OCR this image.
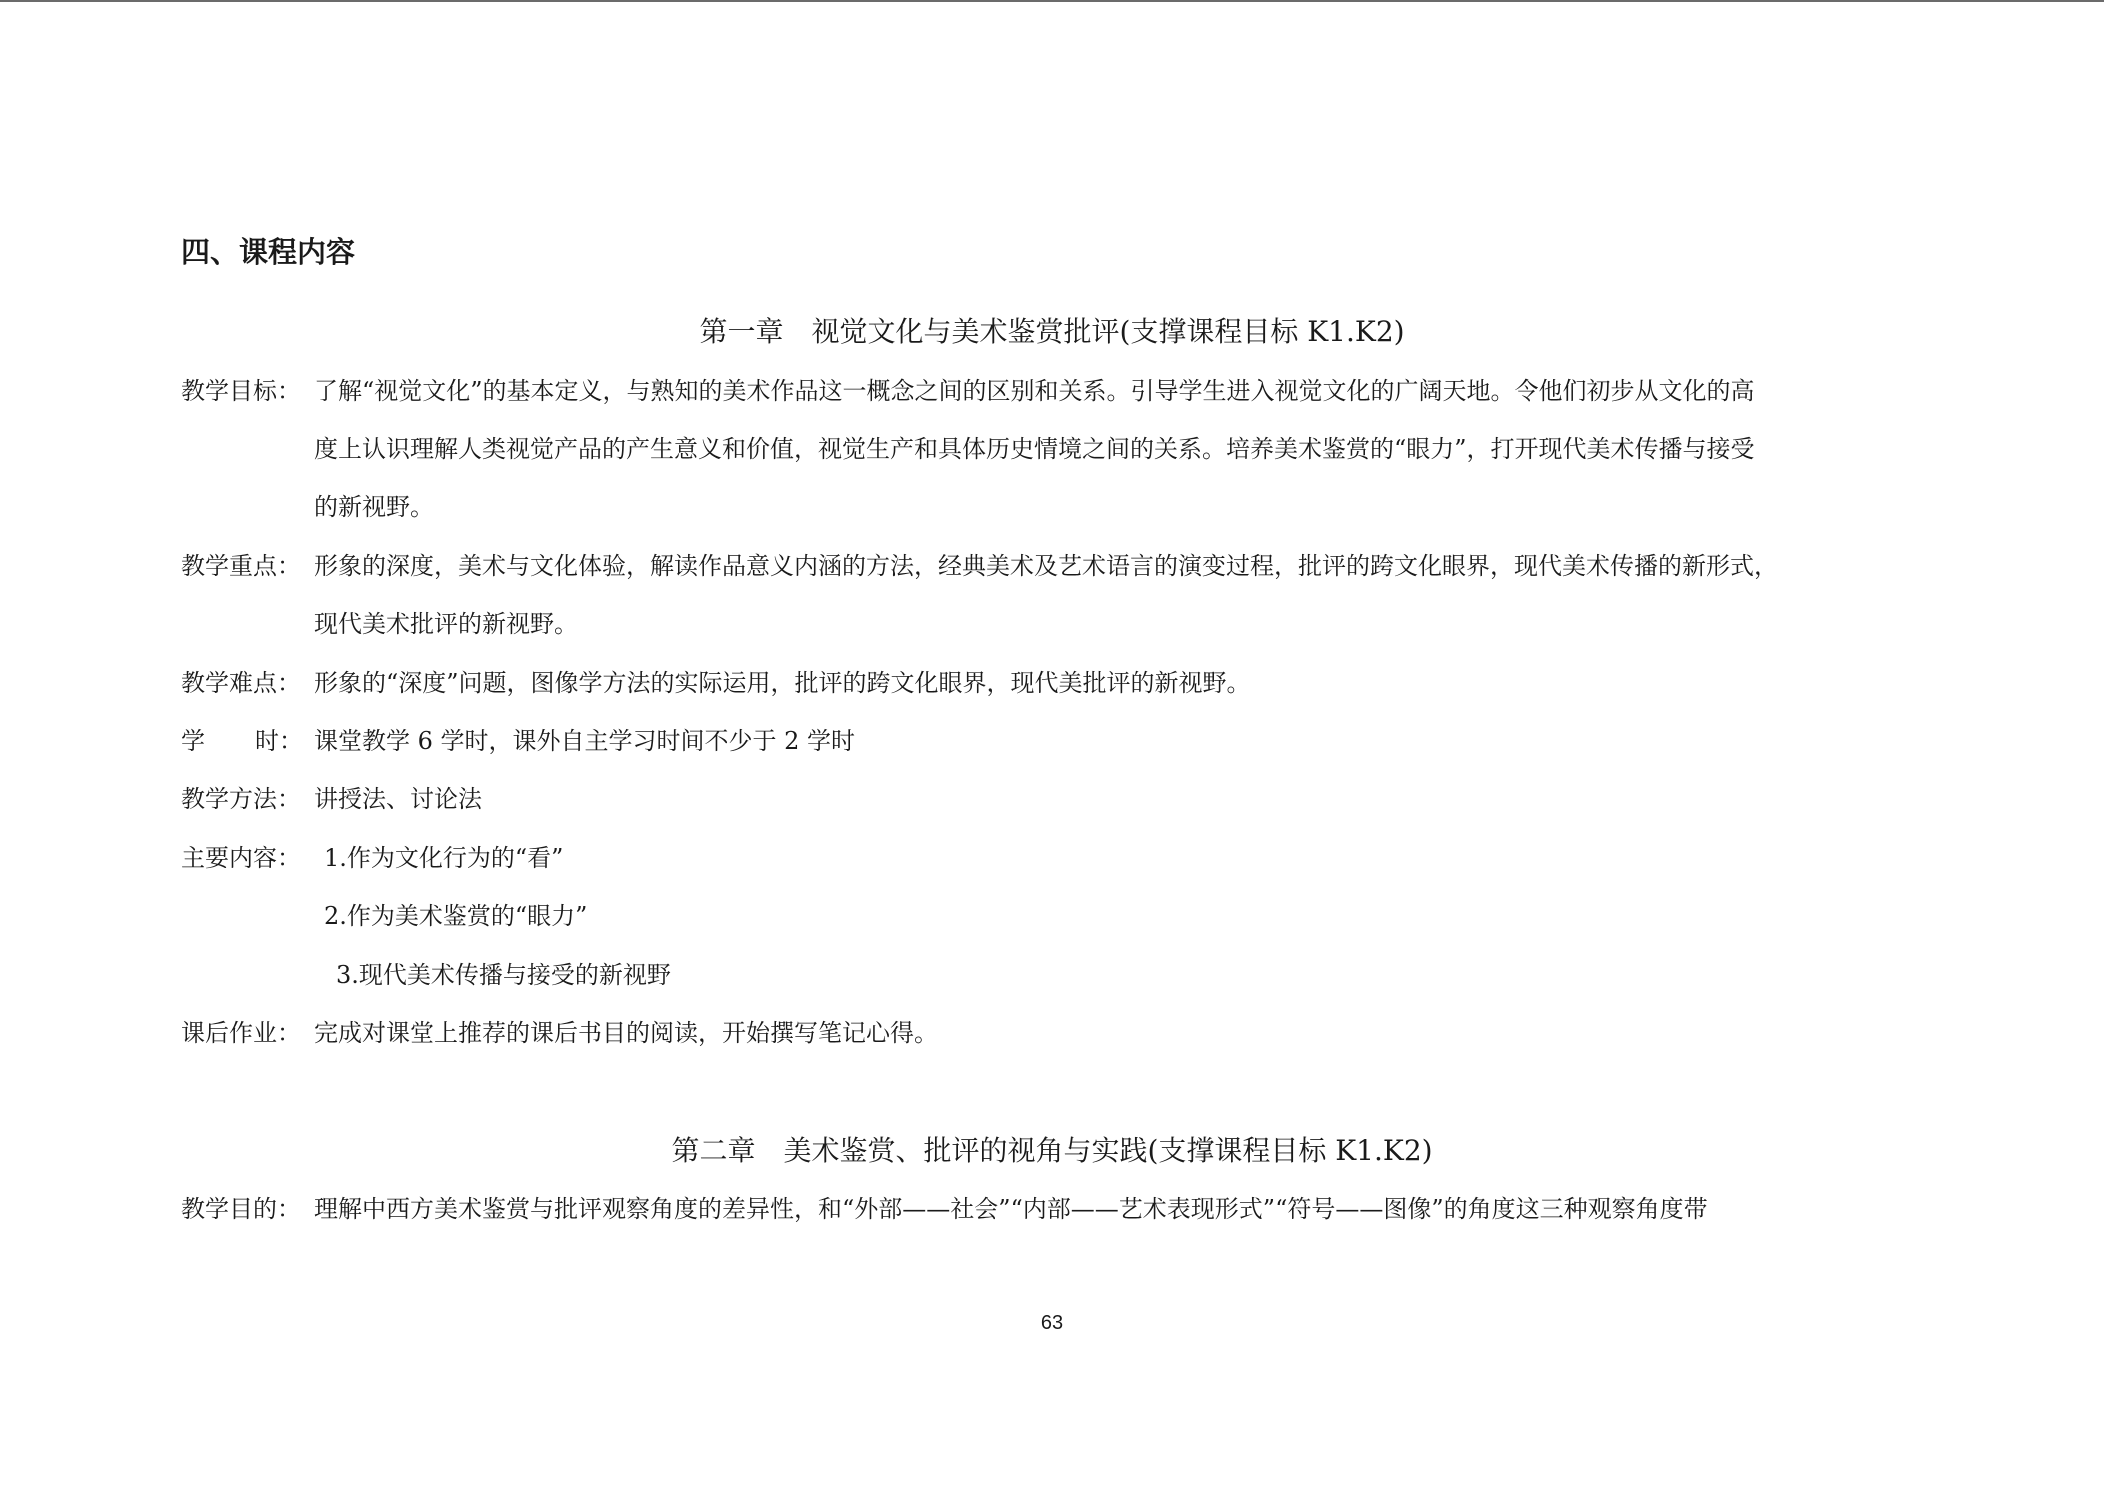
四、课程内容
第一章　视觉文化与美术鉴赏批评(支撑课程目标 K1.K2)
教学目标： 了解“视觉文化”的基本定义，与熟知的美术作品这一概念之间的区别和关系。引导学生进入视觉文化的广阔天地。令他们初步从文化的高
度上认识理解人类视觉产品的产生意义和价值，视觉生产和具体历史情境之间的关系。培养美术鉴赏的“眼力”，打开现代美术传播与接受
的新视野。
教学重点： 形象的深度，美术与文化体验，解读作品意义内涵的方法，经典美术及艺术语言的演变过程，批评的跨文化眼界，现代美术传播的新形式，
现代美术批评的新视野。
教学难点： 形象的“深度”问题，图像学方法的实际运用，批评的跨文化眼界，现代美批评的新视野。
学 时： 课堂教学 6 学时，课外自主学习时间不少于 2 学时
教学方法： 讲授法、讨论法
主要内容： 1.作为文化行为的“看”
2.作为美术鉴赏的“眼力”
3.现代美术传播与接受的新视野
课后作业： 完成对课堂上推荐的课后书目的阅读，开始撰写笔记心得。
第二章　美术鉴赏、批评的视角与实践(支撑课程目标 K1.K2)
教学目的： 理解中西方美术鉴赏与批评观察角度的差异性，和“外部——社会”“内部——艺术表现形式”“符号——图像”的角度这三种观察角度带
63
